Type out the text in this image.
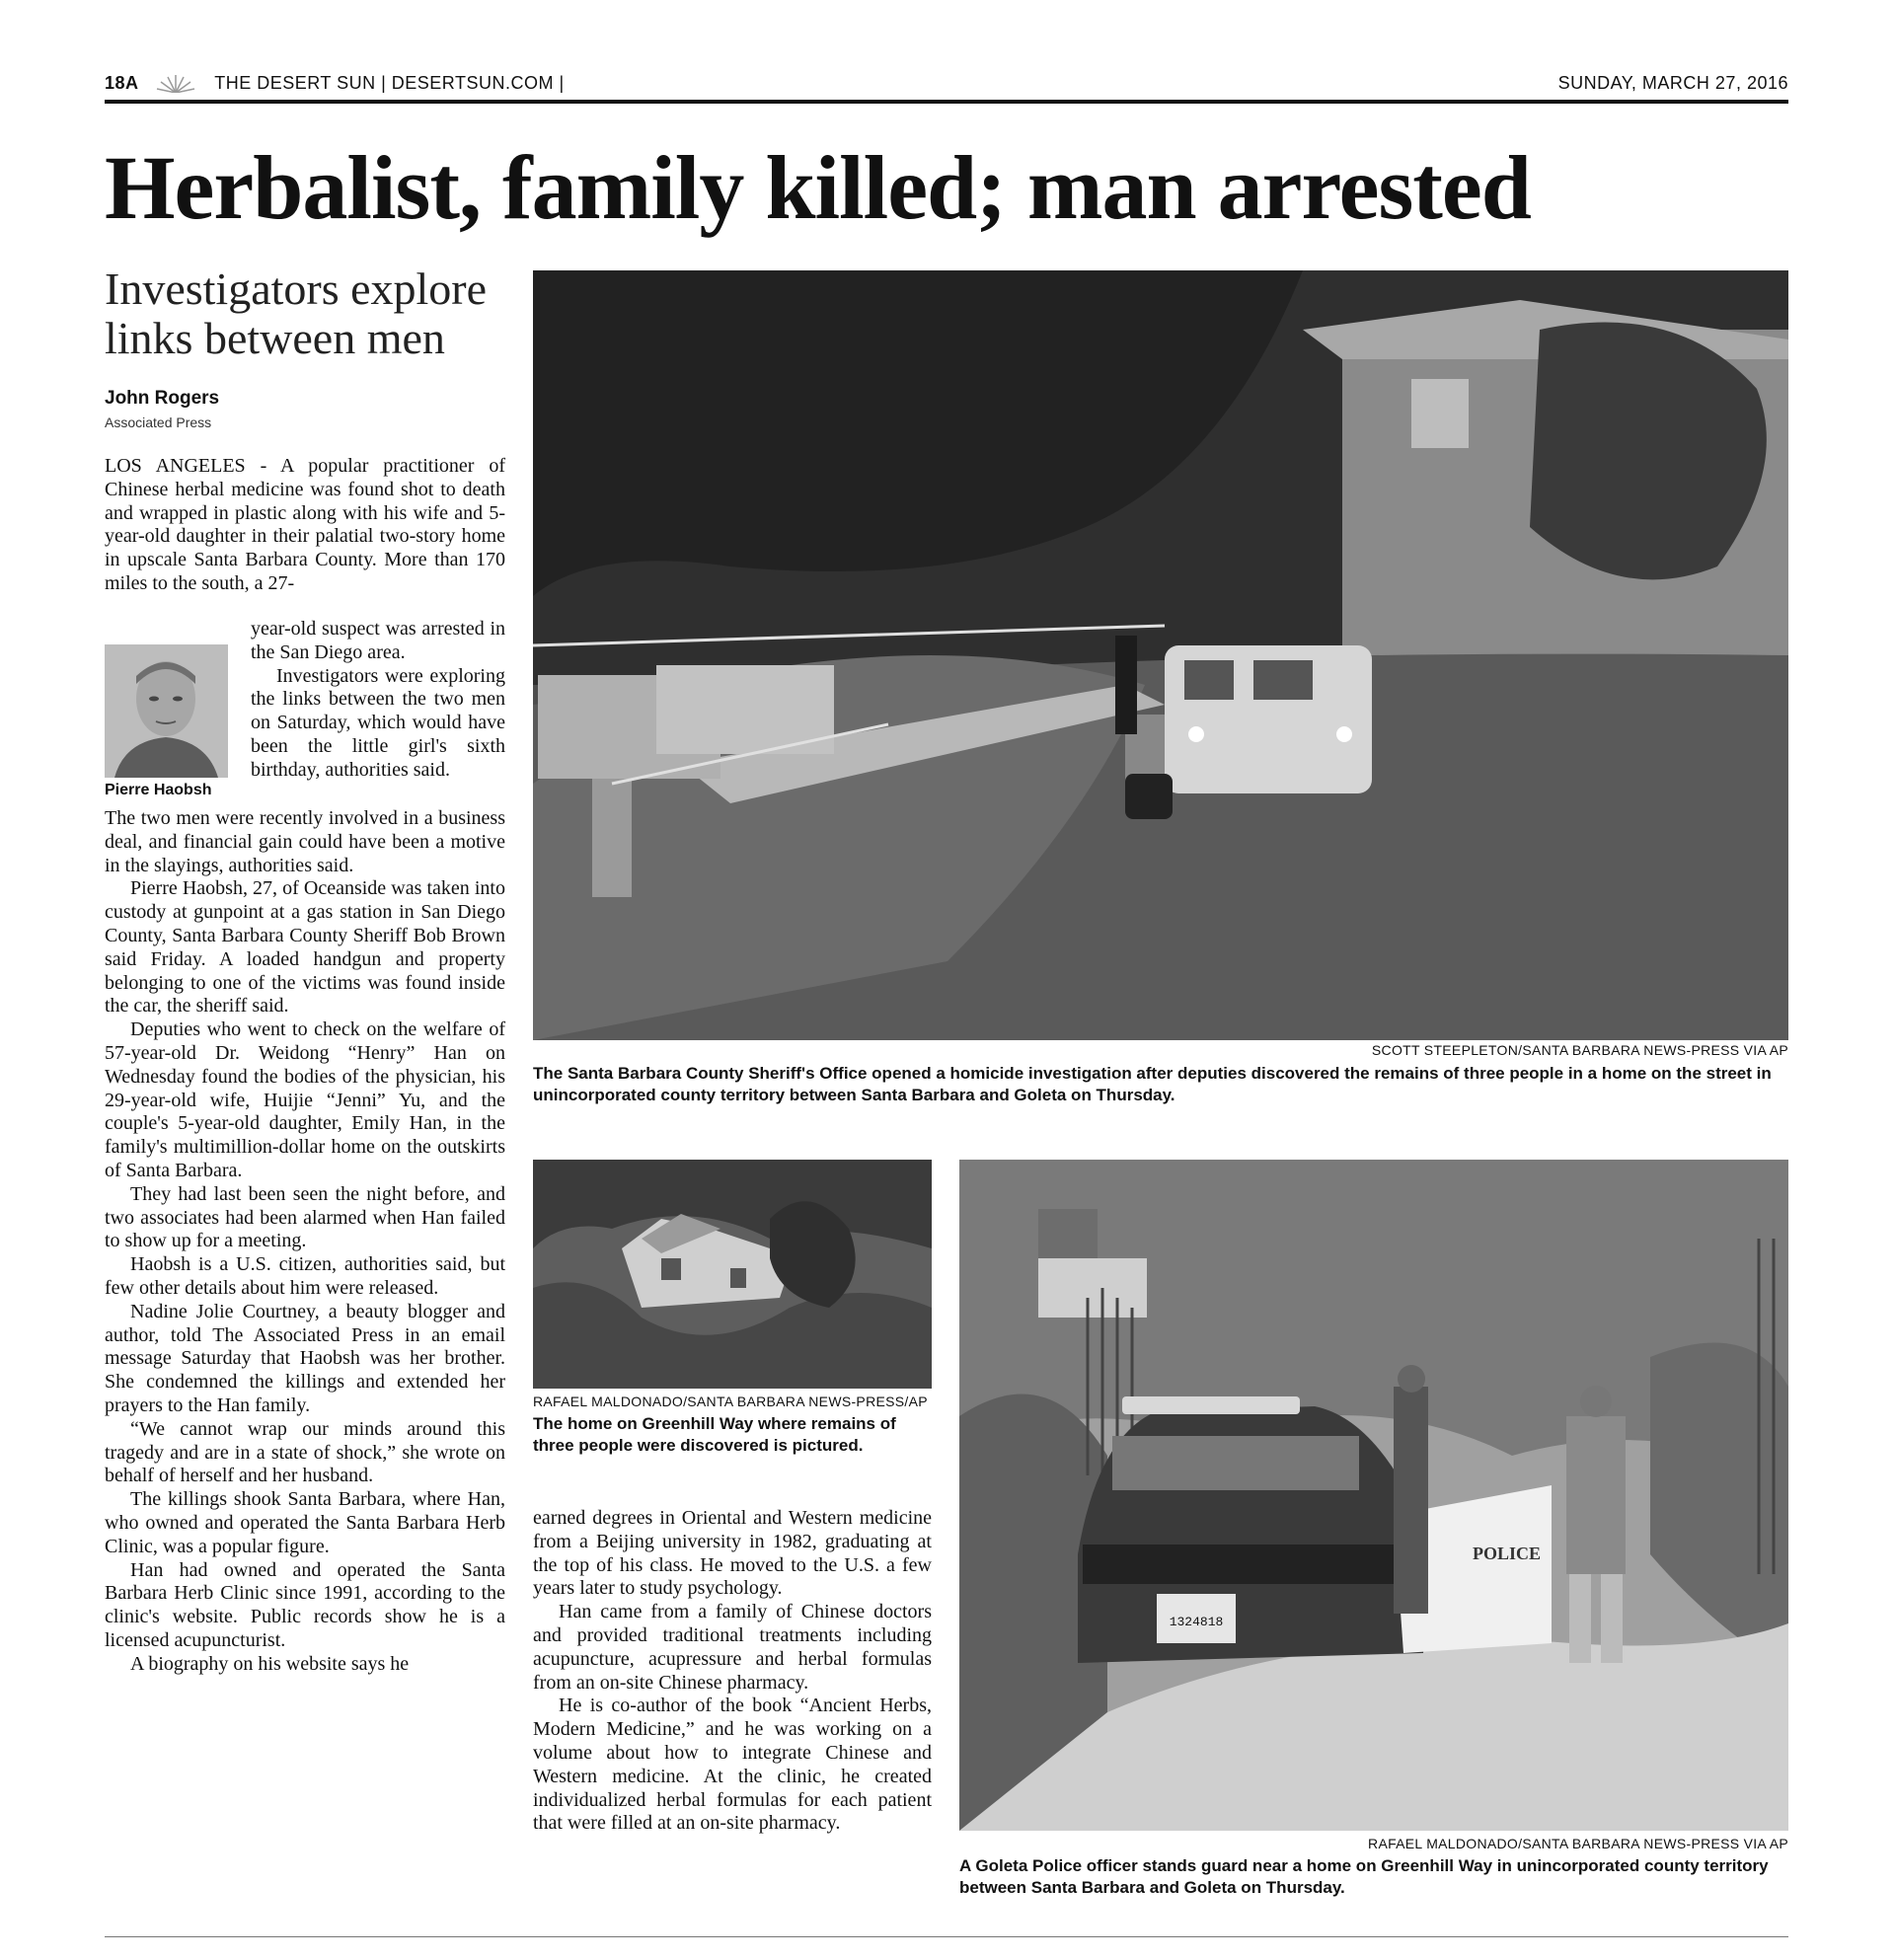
18A	THE DESERT SUN | DESERTSUN.COM |	SUNDAY, MARCH 27, 2016
Herbalist, family killed; man arrested
Investigators explore links between men
John Rogers
Associated Press

LOS ANGELES - A popular practitioner of Chinese herbal medicine was found shot to death and wrapped in plastic along with his wife and 5-year-old daughter in their palatial two-story home in upscale Santa Barbara County. More than 170 miles to the south, a 27-

Pierre Haobsh

year-old suspect was arrested in the San Diego area.

Investigators were exploring the links between the two men on Saturday, which would have been the little girl's sixth birthday, authorities said.

The two men were recently involved in a business deal, and financial gain could have been a motive in the slayings, authorities said.

Pierre Haobsh, 27, of Oceanside was taken into custody at gunpoint at a gas station in San Diego County, Santa Barbara County Sheriff Bob Brown said Friday. A loaded handgun and property belonging to one of the victims was found inside the car, the sheriff said.

Deputies who went to check on the welfare of 57-year-old Dr. Weidong “Henry” Han on Wednesday found the bodies of the physician, his 29-year-old wife, Huijie “Jenni” Yu, and the couple's 5-year-old daughter, Emily Han, in the family's multimillion-dollar home on the outskirts of Santa Barbara.

They had last been seen the night before, and two associates had been alarmed when Han failed to show up for a meeting.

Haobsh is a U.S. citizen, authorities said, but few other details about him were released.

Nadine Jolie Courtney, a beauty blogger and author, told The Associated Press in an email message Saturday that Haobsh was her brother. She condemned the killings and extended her prayers to the Han family.

“We cannot wrap our minds around this tragedy and are in a state of shock,” she wrote on behalf of herself and her husband.

The killings shook Santa Barbara, where Han, who owned and operated the Santa Barbara Herb Clinic, was a popular figure.

Han had owned and operated the Santa Barbara Herb Clinic since 1991, according to the clinic's website. Public records show he is a licensed acupuncturist.

A biography on his website says he

SCOTT STEEPLETON/SANTA BARBARA NEWS-PRESS VIA AP

The Santa Barbara County Sheriff's Office opened a homicide investigation after deputies discovered the remains of three people in a home on the street in unincorporated county territory between Santa Barbara and Goleta on Thursday.

RAFAEL MALDONADO/SANTA BARBARA NEWS-PRESS/AP

The home on Greenhill Way where remains of three people were discovered is pictured.

earned degrees in Oriental and Western medicine from a Beijing university in 1982, graduating at the top of his class. He moved to the U.S. a few years later to study psychology.

Han came from a family of Chinese doctors and provided traditional treatments including acupuncture, acupressure and herbal formulas from an on-site Chinese pharmacy.

He is co-author of the book “Ancient Herbs, Modern Medicine,” and he was working on a volume about how to integrate Chinese and Western medicine. At the clinic, he created individualized herbal formulas for each patient that were filled at an on-site pharmacy.

1324818
POLICE
RAFAEL MALDONADO/SANTA BARBARA NEWS-PRESS VIA AP

A Goleta Police officer stands guard near a home on Greenhill Way in unincorporated county territory between Santa Barbara and Goleta on Thursday.
